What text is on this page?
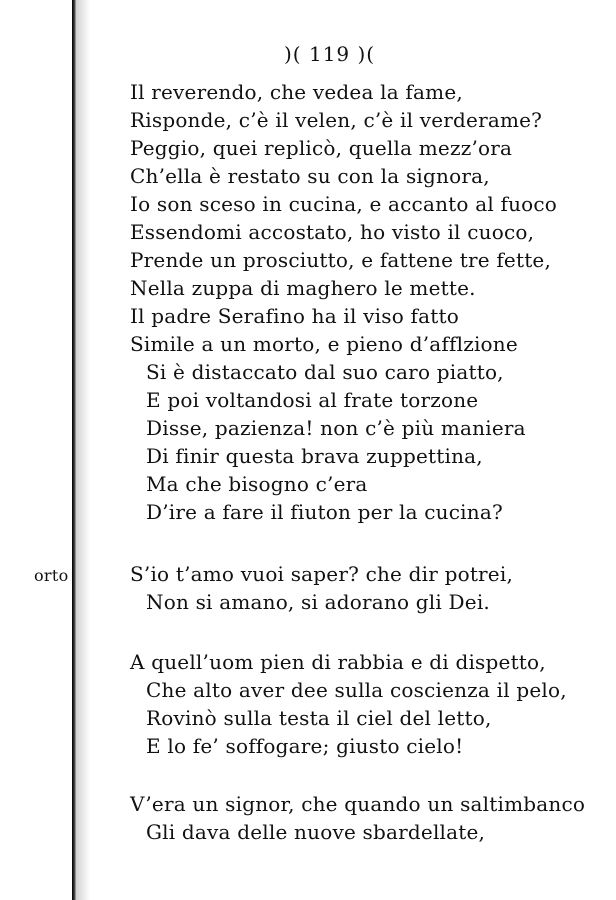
orto
)( 119 )(
Il reverendo, che vedea la fame,
Risponde, c’è il velen, c’è il verderame?
Peggio, quei replicò, quella mezz’ora
Ch’ella è restato su con la signora,
Io son sceso in cucina, e accanto al fuoco
Essendomi accostato, ho visto il cuoco,
Prende un prosciutto, e fattene tre fette,
Nella zuppa di maghero le mette.
Il padre Serafino ha il viso fatto
Simile a un morto, e pieno d’afflzione
Si è distaccato dal suo caro piatto,
E poi voltandosi al frate torzone
Disse, pazienza! non c’è più maniera
Di finir questa brava zuppettina,
Ma che bisogno c’era
D’ire a fare il fiuton per la cucina?
S’io t’amo vuoi saper? che dir potrei,
Non si amano, si adorano gli Dei.
A quell’uom pien di rabbia e di dispetto,
Che alto aver dee sulla coscienza il pelo,
Rovinò sulla testa il ciel del letto,
E lo fe’ soffogare; giusto cielo!
V’era un signor, che quando un saltimbanco
Gli dava delle nuove sbardellate,
